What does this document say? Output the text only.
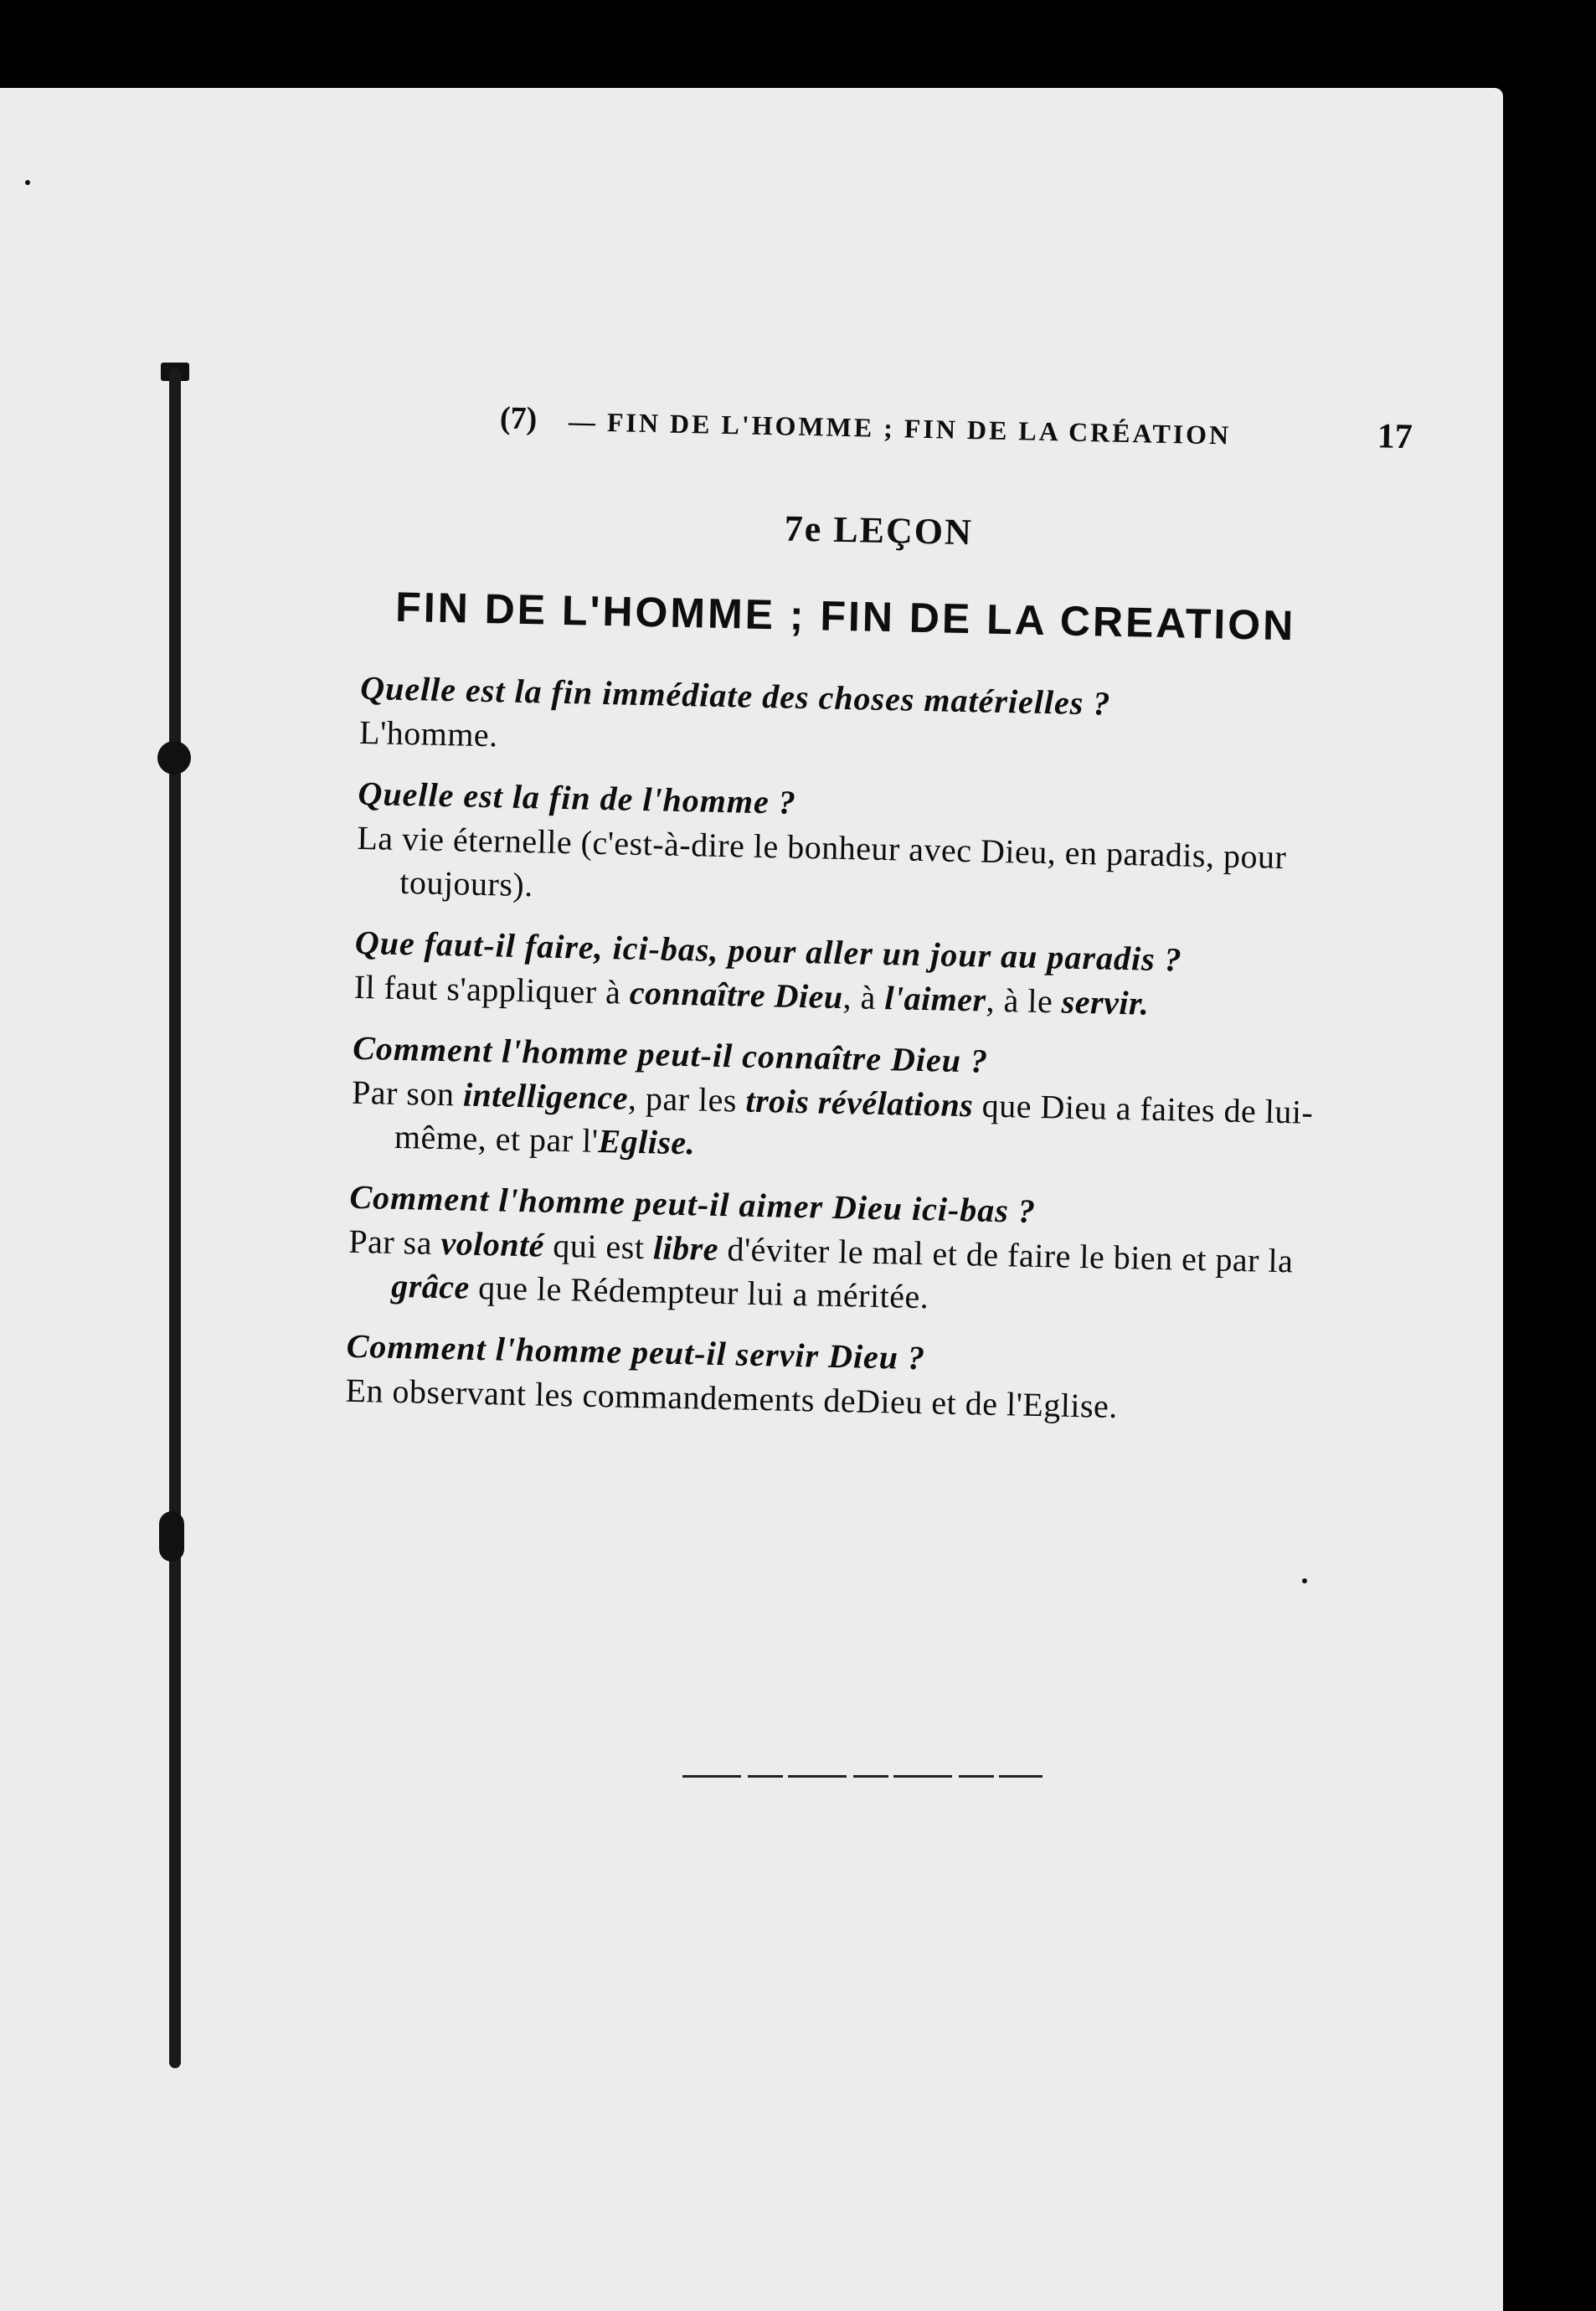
(7) — FIN DE L'HOMME ; FIN DE LA CRÉATION	17
7e LEÇON
FIN DE L'HOMME ; FIN DE LA CREATION

Quelle est la fin immédiate des choses matérielles ?

L'homme.

Quelle est la fin de l'homme ?

La vie éternelle (c'est-à-dire le bonheur avec Dieu, en paradis, pour toujours).

Que faut-il faire, ici-bas, pour aller un jour au paradis ?

Il faut s'appliquer à connaître Dieu, à l'aimer, à le servir.

Comment l'homme peut-il connaître Dieu ?

Par son intelligence, par les trois révélations que Dieu a faites de lui-même, et par l'Eglise.

Comment l'homme peut-il aimer Dieu ici-bas ?

Par sa volonté qui est libre d'éviter le mal et de faire le bien et par la grâce que le Rédempteur lui a méritée.

Comment l'homme peut-il servir Dieu ?

En observant les commandements deDieu et de l'Eglise.
